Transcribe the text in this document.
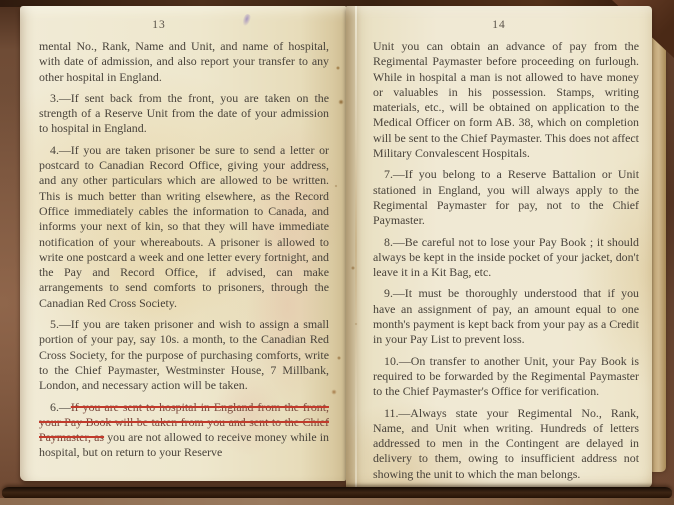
13

mental No., Rank, Name and Unit, and name of hospital, with date of admission, and also report your transfer to any other hospital in England.

3.—If sent back from the front, you are taken on the strength of a Reserve Unit from the date of your admission to hospital in England.

4.—If you are taken prisoner be sure to send a letter or postcard to Canadian Record Office, giving your address, and any other particulars which are allowed to be written. This is much better than writing elsewhere, as the Record Office immediately cables the information to Canada, and informs your next of kin, so that they will have immediate notification of your whereabouts. A prisoner is allowed to write one postcard a week and one letter every fortnight, and the Pay and Record Office, if advised, can make arrangements to send comforts to prisoners, through the Canadian Red Cross Society.

5.—If you are taken prisoner and wish to assign a small portion of your pay, say 10s. a month, to the Canadian Red Cross Society, for the purpose of purchasing comforts, write to the Chief Paymaster, Westminster House, 7 Millbank, London, and necessary action will be taken.

6.—If you are sent to hospital in England from the front, your Pay Book will be taken from you and sent to the Chief Paymaster, as you are not allowed to receive money while in hospital, but on return to your Reserve

14

Unit you can obtain an advance of pay from the Regimental Paymaster before proceeding on furlough. While in hospital a man is not allowed to have money or valuables in his possession. Stamps, writing materials, etc., will be obtained on application to the Medical Officer on form AB. 38, which on completion will be sent to the Chief Paymaster. This does not affect Military Convalescent Hospitals.

7.—If you belong to a Reserve Battalion or Unit stationed in England, you will always apply to the Regimental Paymaster for pay, not to the Chief Paymaster.

8.—Be careful not to lose your Pay Book ; it should always be kept in the inside pocket of your jacket, don't leave it in a Kit Bag, etc.

9.—It must be thoroughly understood that if you have an assignment of pay, an amount equal to one month's payment is kept back from your pay as a Credit in your Pay List to prevent loss.

10.—On transfer to another Unit, your Pay Book is required to be forwarded by the Regimental Paymaster to the Chief Paymaster's Office for verification.

11.—Always state your Regimental No., Rank, Name, and Unit when writing. Hundreds of letters addressed to men in the Contingent are delayed in delivery to them, owing to insufficient address not showing the unit to which the man belongs.
